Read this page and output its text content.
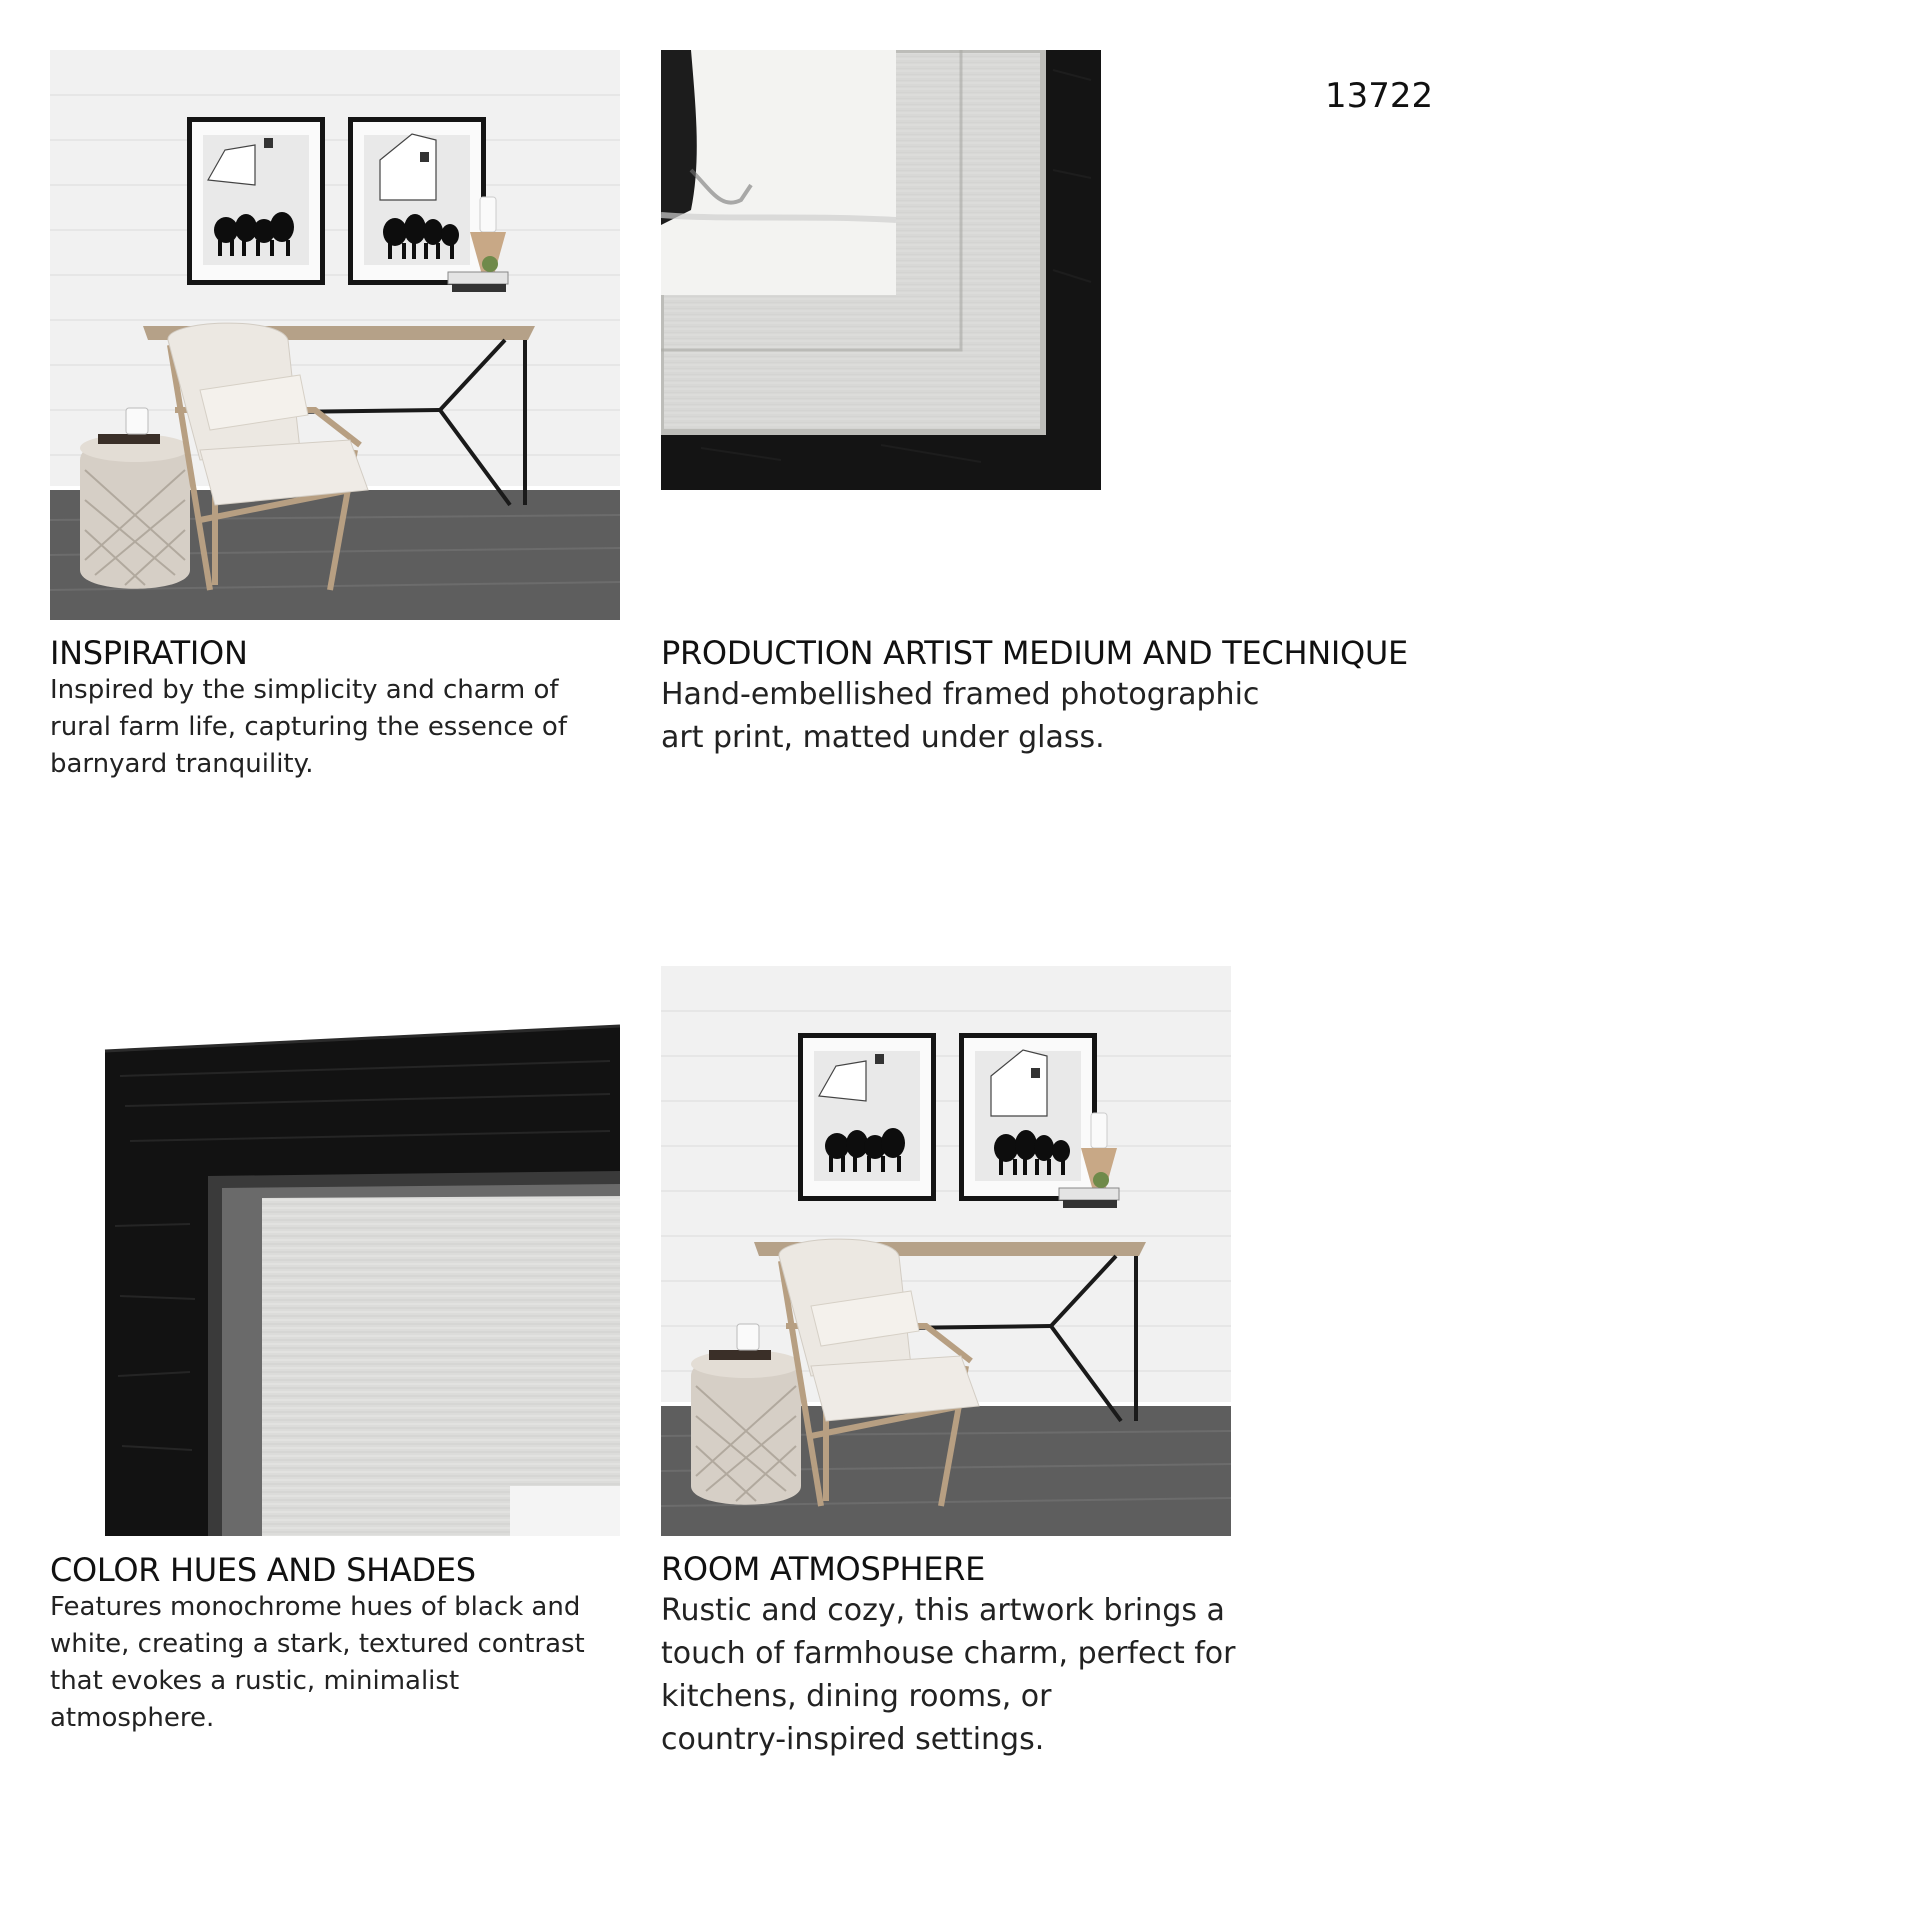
13722
INSPIRATION
Inspired by the simplicity and charm of rural farm life, capturing the essence of barnyard tranquility.
PRODUCTION ARTIST MEDIUM AND TECHNIQUE
Hand-embellished framed photographic
art print, matted under glass.
COLOR HUES AND SHADES
Features monochrome hues of black and white, creating a stark, textured contrast that evokes a rustic, minimalist atmosphere.
ROOM ATMOSPHERE
Rustic and cozy, this artwork brings a
touch of farmhouse charm, perfect for
kitchens, dining rooms, or
country-inspired settings.
